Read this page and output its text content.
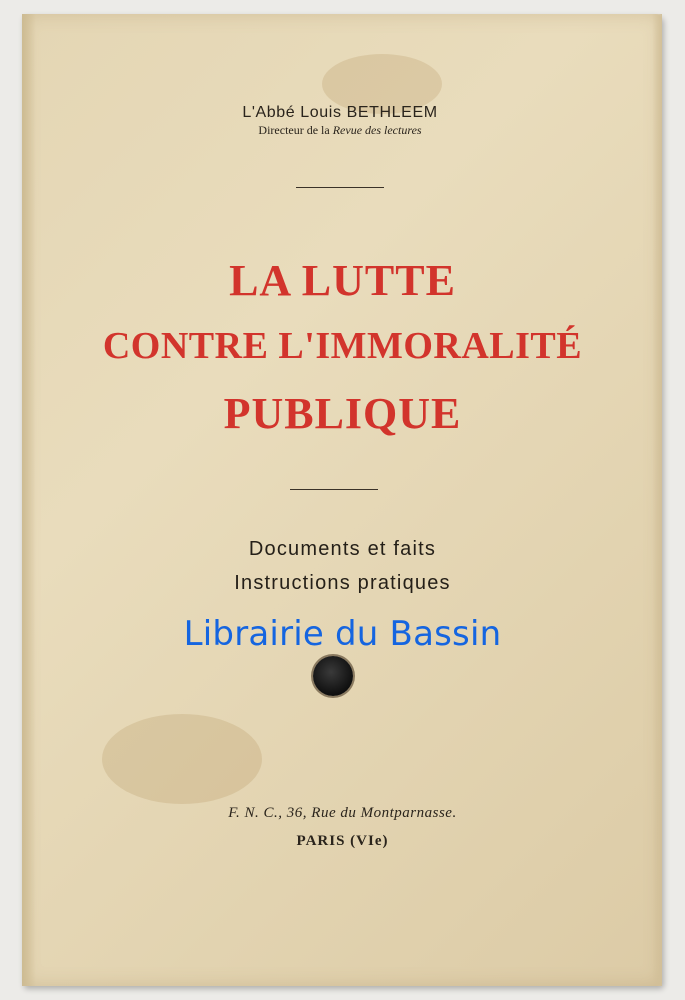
L'Abbé Louis BETHLEEM
Directeur de la Revue des lectures
LA LUTTE
CONTRE L'IMMORALITÉ
PUBLIQUE
Documents et faits
Instructions pratiques
Librairie du Bassin
F. N. C., 36, Rue du Montparnasse.
PARIS (VIe)
